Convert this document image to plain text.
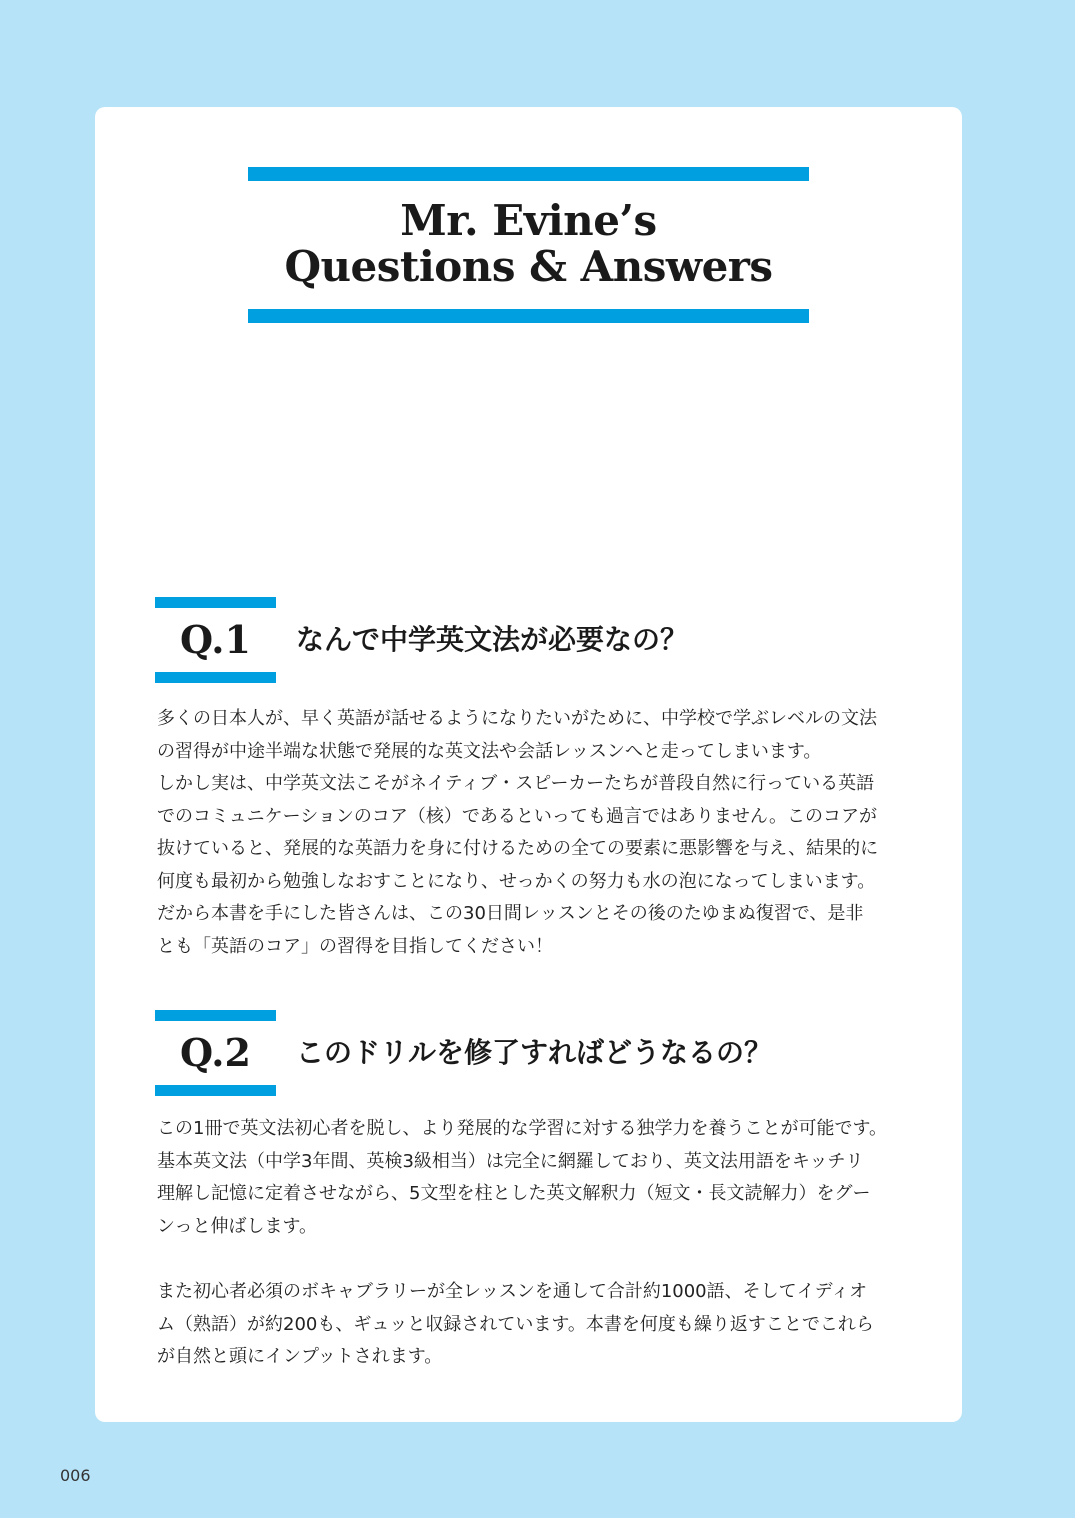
Mr. Evine’s
Questions & Answers
Q.1	なんで中学英文法が必要なの？

多くの日本人が、早く英語が話せるようになりたいがために、中学校で学ぶレベルの文法

の習得が中途半端な状態で発展的な英文法や会話レッスンへと走ってしまいます。

しかし実は、中学英文法こそがネイティブ・スピーカーたちが普段自然に行っている英語

でのコミュニケーションのコア（核）であるといっても過言ではありません。このコアが

抜けていると、発展的な英語力を身に付けるための全ての要素に悪影響を与え、結果的に

何度も最初から勉強しなおすことになり、せっかくの努力も水の泡になってしまいます。

だから本書を手にした皆さんは、この30日間レッスンとその後のたゆまぬ復習で、是非

とも「英語のコア」の習得を目指してください！

Q.2	このドリルを修了すればどうなるの？

この1冊で英文法初心者を脱し、より発展的な学習に対する独学力を養うことが可能です。

基本英文法（中学3年間、英検3級相当）は完全に網羅しており、英文法用語をキッチリ

理解し記憶に定着させながら、5文型を柱とした英文解釈力（短文・長文読解力）をグー

ンっと伸ばします。

また初心者必須のボキャブラリーが全レッスンを通して合計約1000語、そしてイディオ

ム（熟語）が約200も、ギュッと収録されています。本書を何度も繰り返すことでこれら

が自然と頭にインプットされます。

006
